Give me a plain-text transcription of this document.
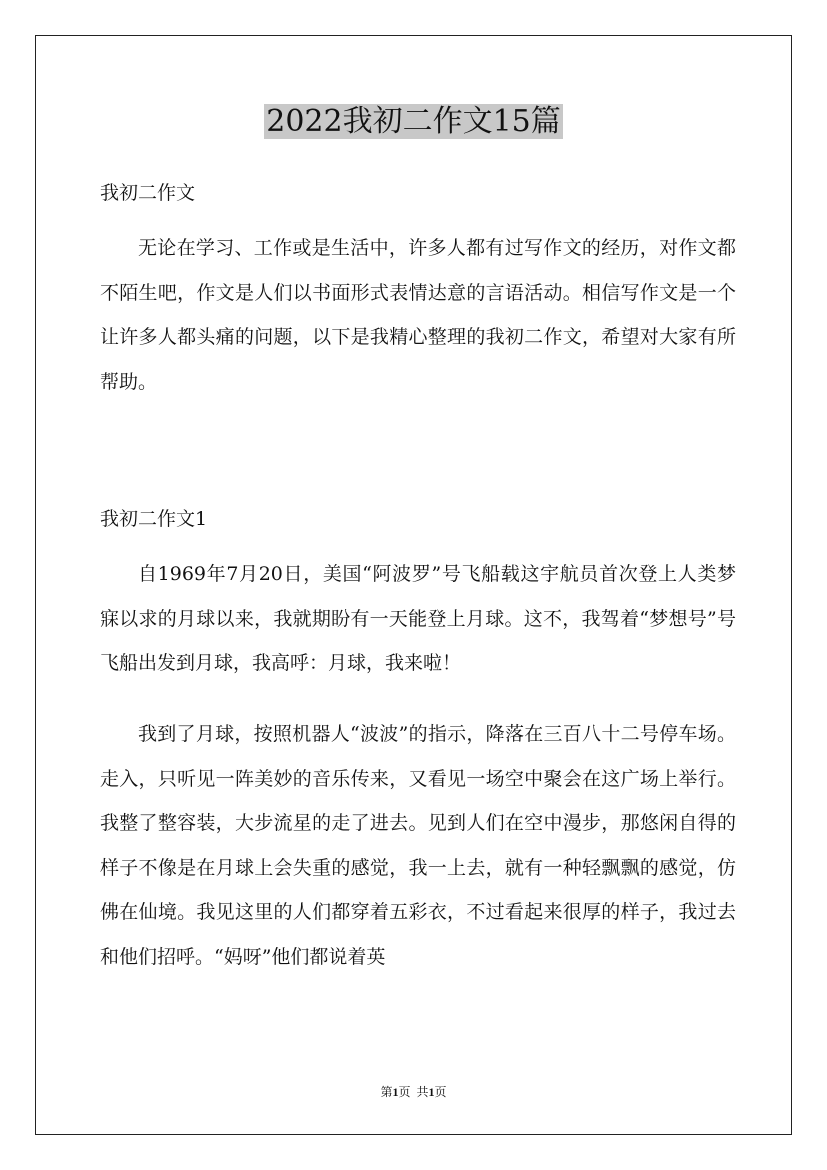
2022我初二作文15篇
我初二作文

无论在学习、工作或是生活中，许多人都有过写作文的经历，对作文都不陌生吧，作文是人们以书面形式表情达意的言语活动。相信写作文是一个让许多人都头痛的问题，以下是我精心整理的我初二作文，希望对大家有所帮助。

我初二作文1

自1969年7月20日，美国“阿波罗”号飞船载这宇航员首次登上人类梦寐以求的月球以来，我就期盼有一天能登上月球。这不，我驾着“梦想号”号飞船出发到月球，我高呼：月球，我来啦！

我到了月球，按照机器人“波波”的指示，降落在三百八十二号停车场。走入，只听见一阵美妙的音乐传来，又看见一场空中聚会在这广场上举行。我整了整容装，大步流星的走了进去。见到人们在空中漫步，那悠闲自得的样子不像是在月球上会失重的感觉，我一上去，就有一种轻飘飘的感觉，仿佛在仙境。我见这里的人们都穿着五彩衣，不过看起来很厚的样子，我过去和他们招呼。“妈呀”他们都说着英

第1页  共1页
